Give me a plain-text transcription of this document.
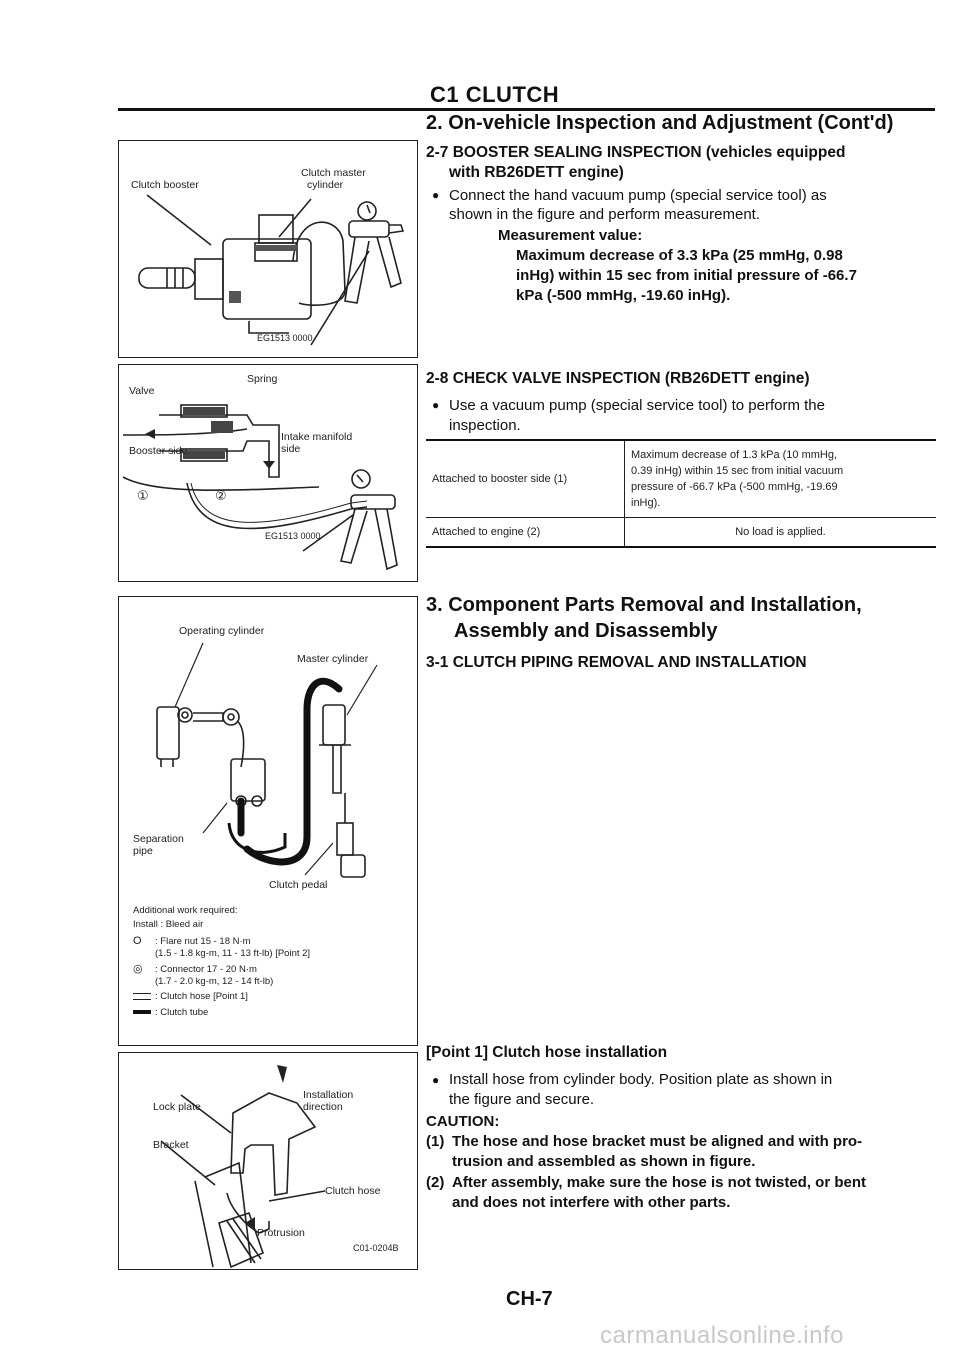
C1 CLUTCH
Clutch booster
Clutch master
cylinder
EG1513 0000
Valve
Spring
Intake manifold
side
Booster side
①	②
EG1513 0000
Operating cylinder
Master cylinder
Separation
pipe
Clutch pedal
Additional work required:
Install : Bleed air
O : Flare nut 15 - 18 N·m
(1.5 - 1.8 kg-m, 11 - 13 ft-lb) [Point 2]
◎ : Connector 17 - 20 N·m
(1.7 - 2.0 kg-m, 12 - 14 ft-lb)
: Clutch hose [Point 1]
: Clutch tube
Lock plate
Installation
direction
Bracket
Clutch hose
Protrusion
C01-0204B
2. On-vehicle Inspection and Adjustment (Cont'd)
2-7 BOOSTER SEALING INSPECTION (vehicles equipped
with RB26DETT engine)
● Connect the hand vacuum pump (special service tool) as
shown in the figure and perform measurement.
Measurement value:
Maximum decrease of 3.3 kPa (25 mmHg, 0.98
inHg) within 15 sec from initial pressure of -66.7
kPa (-500 mmHg, -19.60 inHg).
2-8 CHECK VALVE INSPECTION (RB26DETT engine)
● Use a vacuum pump (special service tool) to perform the
inspection.
Attached to booster side (1)	Maximum decrease of 1.3 kPa (10 mmHg,
0.39 inHg) within 15 sec from initial vacuum
pressure of -66.7 kPa (-500 mmHg, -19.69
inHg).

Attached to engine (2)	No load is applied.
3. Component Parts Removal and Installation,
Assembly and Disassembly
3-1 CLUTCH PIPING REMOVAL AND INSTALLATION
[Point 1] Clutch hose installation
● Install hose from cylinder body. Position plate as shown in
the figure and secure.
CAUTION:
(1) The hose and hose bracket must be aligned and with pro-
trusion and assembled as shown in figure.
(2) After assembly, make sure the hose is not twisted, or bent
and does not interfere with other parts.
CH-7
carmanualsonline.info
